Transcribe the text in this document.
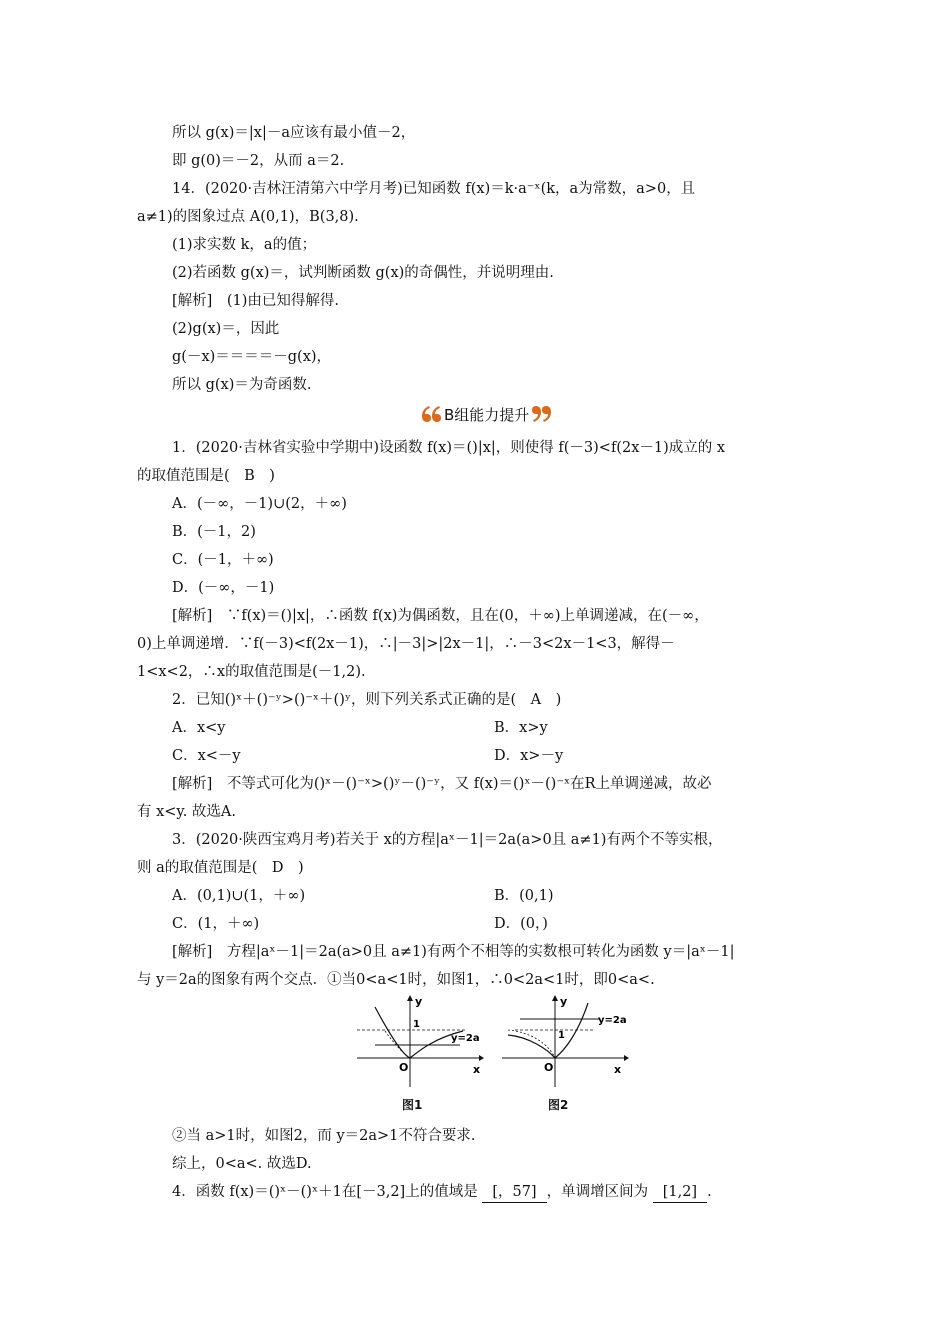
所以 g(x)＝|x|－a应该有最小值－2，
即 g(0)＝－2，从而 a＝2.
14．(2020·吉林汪清第六中学月考)已知函数 f(x)＝k·a⁻ˣ(k，a为常数，a>0，且
a≠1)的图象过点 A(0,1)，B(3,8).
(1)求实数 k，a的值；
(2)若函数 g(x)＝，试判断函数 g(x)的奇偶性，并说明理由.
[解析]　(1)由已知得解得.
(2)g(x)＝，因此
g(－x)＝＝＝＝－g(x)，
所以 g(x)＝为奇函数.
B组能力提升
1．(2020·吉林省实验中学期中)设函数 f(x)＝()|x|，则使得 f(－3)<f(2x－1)成立的 x
的取值范围是(　B　)
A．(－∞，－1)∪(2，＋∞)
B．(－1，2)
C．(－1，＋∞)
D．(－∞，－1)
[解析]　∵f(x)＝()|x|，∴函数 f(x)为偶函数，且在(0，＋∞)上单调递减，在(－∞，
0)上单调递增．∵f(－3)<f(2x－1)，∴|－3|>|2x－1|，∴－3<2x－1<3，解得－
1<x<2，∴x的取值范围是(－1,2).
2．已知()ˣ＋()⁻ʸ>()⁻ˣ＋()ʸ，则下列关系式正确的是(　A　)
A．x<y	B．x>y
C．x<－y	D．x>－y
[解析]　不等式可化为()ˣ－()⁻ˣ>()ʸ－()⁻ʸ，又 f(x)＝()ˣ－()⁻ˣ在R上单调递减，故必
有 x<y. 故选A.
3．(2020·陕西宝鸡月考)若关于 x的方程|aˣ－1|＝2a(a>0且 a≠1)有两个不等实根，
则 a的取值范围是(　D　)
A．(0,1)∪(1，＋∞)	B．(0,1)
C．(1，＋∞)	D．(0，)
[解析]　方程|aˣ－1|＝2a(a>0且 a≠1)有两个不相等的实数根可转化为函数 y＝|aˣ－1|
与 y＝2a的图象有两个交点．①当0<a<1时，如图1，∴0<2a<1时，即0<a<.
y
x
O
1
y=2a
图1
y
x
O
1
y=2a
图2
②当 a>1时，如图2，而 y＝2a>1不符合要求.
综上，0<a<. 故选D.
4．函数 f(x)＝()ˣ－()ˣ＋1在[－3,2]上的值域是 [，57] ，单调增区间为 [1,2] .
